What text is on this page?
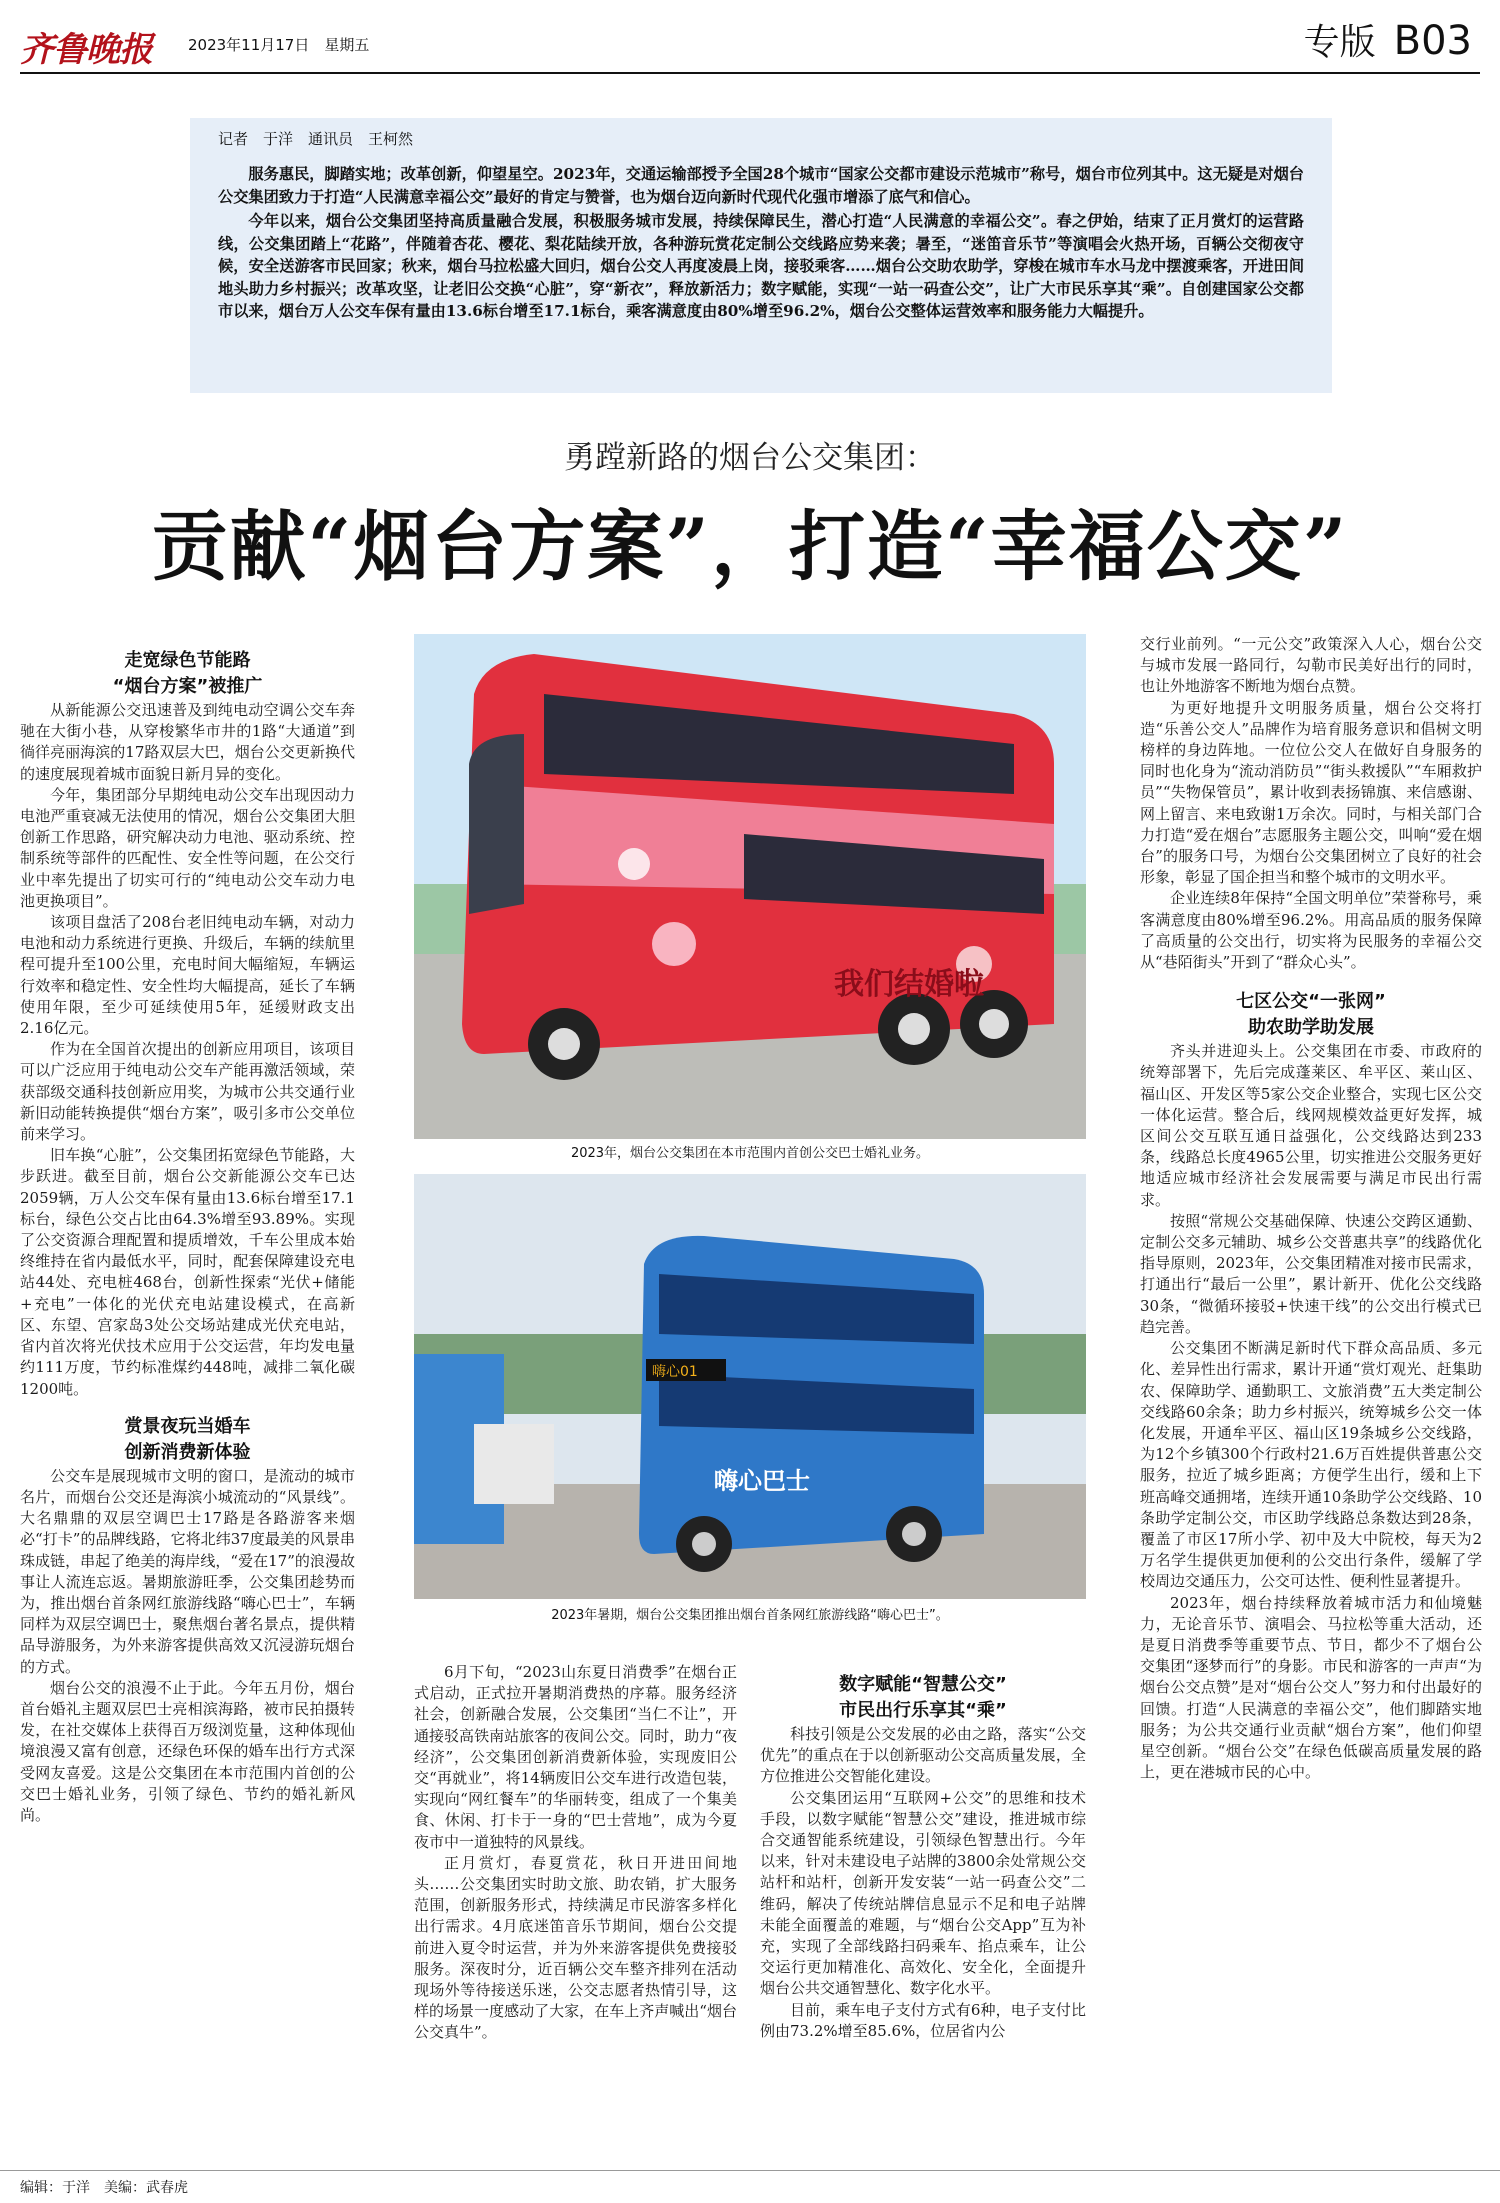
齐鲁晚报 2023年11月17日　星期五	专版 B03
记者　于洋　通讯员　王柯然

服务惠民，脚踏实地；改革创新，仰望星空。2023年，交通运输部授予全国28个城市“国家公交都市建设示范城市”称号，烟台市位列其中。这无疑是对烟台公交集团致力于打造“人民满意幸福公交”最好的肯定与赞誉，也为烟台迈向新时代现代化强市增添了底气和信心。

今年以来，烟台公交集团坚持高质量融合发展，积极服务城市发展，持续保障民生，潜心打造“人民满意的幸福公交”。春之伊始，结束了正月赏灯的运营路线，公交集团踏上“花路”，伴随着杏花、樱花、梨花陆续开放，各种游玩赏花定制公交线路应势来袭；暑至，“迷笛音乐节”等演唱会火热开场，百辆公交彻夜守候，安全送游客市民回家；秋来，烟台马拉松盛大回归，烟台公交人再度凌晨上岗，接驳乘客……烟台公交助农助学，穿梭在城市车水马龙中摆渡乘客，开进田间地头助力乡村振兴；改革攻坚，让老旧公交换“心脏”，穿“新衣”，释放新活力；数字赋能，实现“一站一码查公交”，让广大市民乐享其“乘”。自创建国家公交都市以来，烟台万人公交车保有量由13.6标台增至17.1标台，乘客满意度由80%增至96.2%，烟台公交整体运营效率和服务能力大幅提升。

勇蹚新路的烟台公交集团：
贡献“烟台方案”，打造“幸福公交”

走宽绿色节能路

“烟台方案”被推广

从新能源公交迅速普及到纯电动空调公交车奔驰在大街小巷，从穿梭繁华市井的1路“大通道”到徜徉亮丽海滨的17路双层大巴，烟台公交更新换代的速度展现着城市面貌日新月异的变化。

今年，集团部分早期纯电动公交车出现因动力电池严重衰减无法使用的情况，烟台公交集团大胆创新工作思路，研究解决动力电池、驱动系统、控制系统等部件的匹配性、安全性等问题，在公交行业中率先提出了切实可行的“纯电动公交车动力电池更换项目”。

该项目盘活了208台老旧纯电动车辆，对动力电池和动力系统进行更换、升级后，车辆的续航里程可提升至100公里，充电时间大幅缩短，车辆运行效率和稳定性、安全性均大幅提高，延长了车辆使用年限，至少可延续使用5年，延缓财政支出2.16亿元。

作为在全国首次提出的创新应用项目，该项目可以广泛应用于纯电动公交车产能再激活领域，荣获部级交通科技创新应用奖，为城市公共交通行业新旧动能转换提供“烟台方案”，吸引多市公交单位前来学习。

旧车换“心脏”，公交集团拓宽绿色节能路，大步跃进。截至目前，烟台公交新能源公交车已达2059辆，万人公交车保有量由13.6标台增至17.1标台，绿色公交占比由64.3%增至93.89%。实现了公交资源合理配置和提质增效，千车公里成本始终维持在省内最低水平，同时，配套保障建设充电站44处、充电桩468台，创新性探索“光伏+储能+充电”一体化的光伏充电站建设模式，在高新区、东望、宫家岛3处公交场站建成光伏充电站，省内首次将光伏技术应用于公交运营，年均发电量约111万度，节约标准煤约448吨，减排二氧化碳1200吨。

赏景夜玩当婚车

创新消费新体验

公交车是展现城市文明的窗口，是流动的城市名片，而烟台公交还是海滨小城流动的“风景线”。大名鼎鼎的双层空调巴士17路是各路游客来烟必“打卡”的品牌线路，它将北纬37度最美的风景串珠成链，串起了绝美的海岸线，“爱在17”的浪漫故事让人流连忘返。暑期旅游旺季，公交集团趁势而为，推出烟台首条网红旅游线路“嗨心巴士”，车辆同样为双层空调巴士，聚焦烟台著名景点，提供精品导游服务，为外来游客提供高效又沉浸游玩烟台的方式。

烟台公交的浪漫不止于此。今年五月份，烟台首台婚礼主题双层巴士亮相滨海路，被市民拍摄转发，在社交媒体上获得百万级浏览量，这种体现仙境浪漫又富有创意，还绿色环保的婚车出行方式深受网友喜爱。这是公交集团在本市范围内首创的公交巴士婚礼业务，引领了绿色、节约的婚礼新风尚。

我们结婚啦
2023年，烟台公交集团在本市范围内首创公交巴士婚礼业务。
嗨心01
嗨心巴士
2023年暑期，烟台公交集团推出烟台首条网红旅游线路“嗨心巴士”。

6月下旬，“2023山东夏日消费季”在烟台正式启动，正式拉开暑期消费热的序幕。服务经济社会，创新融合发展，公交集团“当仁不让”，开通接驳高铁南站旅客的夜间公交。同时，助力“夜经济”，公交集团创新消费新体验，实现废旧公交“再就业”，将14辆废旧公交车进行改造包装，实现向“网红餐车”的华丽转变，组成了一个集美食、休闲、打卡于一身的“巴士营地”，成为今夏夜市中一道独特的风景线。

正月赏灯，春夏赏花，秋日开进田间地头……公交集团实时助文旅、助农销，扩大服务范围，创新服务形式，持续满足市民游客多样化出行需求。4月底迷笛音乐节期间，烟台公交提前进入夏令时运营，并为外来游客提供免费接驳服务。深夜时分，近百辆公交车整齐排列在活动现场外等待接送乐迷，公交志愿者热情引导，这样的场景一度感动了大家，在车上齐声喊出“烟台公交真牛”。

数字赋能“智慧公交”

市民出行乐享其“乘”

科技引领是公交发展的必由之路，落实“公交优先”的重点在于以创新驱动公交高质量发展，全方位推进公交智能化建设。

公交集团运用“互联网+公交”的思维和技术手段，以数字赋能“智慧公交”建设，推进城市综合交通智能系统建设，引领绿色智慧出行。今年以来，针对未建设电子站牌的3800余处常规公交站杆和站杆，创新开发安装“一站一码查公交”二维码，解决了传统站牌信息显示不足和电子站牌未能全面覆盖的难题，与“烟台公交App”互为补充，实现了全部线路扫码乘车、掐点乘车，让公交运行更加精准化、高效化、安全化，全面提升烟台公共交通智慧化、数字化水平。

目前，乘车电子支付方式有6种，电子支付比例由73.2%增至85.6%，位居省内公

交行业前列。“一元公交”政策深入人心，烟台公交与城市发展一路同行，勾勒市民美好出行的同时，也让外地游客不断地为烟台点赞。

为更好地提升文明服务质量，烟台公交将打造“乐善公交人”品牌作为培育服务意识和倡树文明榜样的身边阵地。一位位公交人在做好自身服务的同时也化身为“流动消防员”“街头救援队”“车厢救护员”“失物保管员”，累计收到表扬锦旗、来信感谢、网上留言、来电致谢1万余次。同时，与相关部门合力打造“爱在烟台”志愿服务主题公交，叫响“爱在烟台”的服务口号，为烟台公交集团树立了良好的社会形象，彰显了国企担当和整个城市的文明水平。

企业连续8年保持“全国文明单位”荣誉称号，乘客满意度由80%增至96.2%。用高品质的服务保障了高质量的公交出行，切实将为民服务的幸福公交从“巷陌街头”开到了“群众心头”。

七区公交“一张网”

助农助学助发展

齐头并进迎头上。公交集团在市委、市政府的统筹部署下，先后完成蓬莱区、牟平区、莱山区、福山区、开发区等5家公交企业整合，实现七区公交一体化运营。整合后，线网规模效益更好发挥，城区间公交互联互通日益强化，公交线路达到233条，线路总长度4965公里，切实推进公交服务更好地适应城市经济社会发展需要与满足市民出行需求。

按照“常规公交基础保障、快速公交跨区通勤、定制公交多元辅助、城乡公交普惠共享”的线路优化指导原则，2023年，公交集团精准对接市民需求，打通出行“最后一公里”，累计新开、优化公交线路30条，“微循环接驳+快速干线”的公交出行模式已趋完善。

公交集团不断满足新时代下群众高品质、多元化、差异性出行需求，累计开通“赏灯观光、赶集助农、保障助学、通勤职工、文旅消费”五大类定制公交线路60余条；助力乡村振兴，统筹城乡公交一体化发展，开通牟平区、福山区19条城乡公交线路，为12个乡镇300个行政村21.6万百姓提供普惠公交服务，拉近了城乡距离；方便学生出行，缓和上下班高峰交通拥堵，连续开通10条助学公交线路、10条助学定制公交，市区助学线路总条数达到28条，覆盖了市区17所小学、初中及大中院校，每天为2万名学生提供更加便利的公交出行条件，缓解了学校周边交通压力，公交可达性、便利性显著提升。

2023年，烟台持续释放着城市活力和仙境魅力，无论音乐节、演唱会、马拉松等重大活动，还是夏日消费季等重要节点、节日，都少不了烟台公交集团“逐梦而行”的身影。市民和游客的一声声“为烟台公交点赞”是对“烟台公交人”努力和付出最好的回馈。打造“人民满意的幸福公交”，他们脚踏实地服务；为公共交通行业贡献“烟台方案”，他们仰望星空创新。“烟台公交”在绿色低碳高质量发展的路上，更在港城市民的心中。

编辑：于洋　美编：武春虎
